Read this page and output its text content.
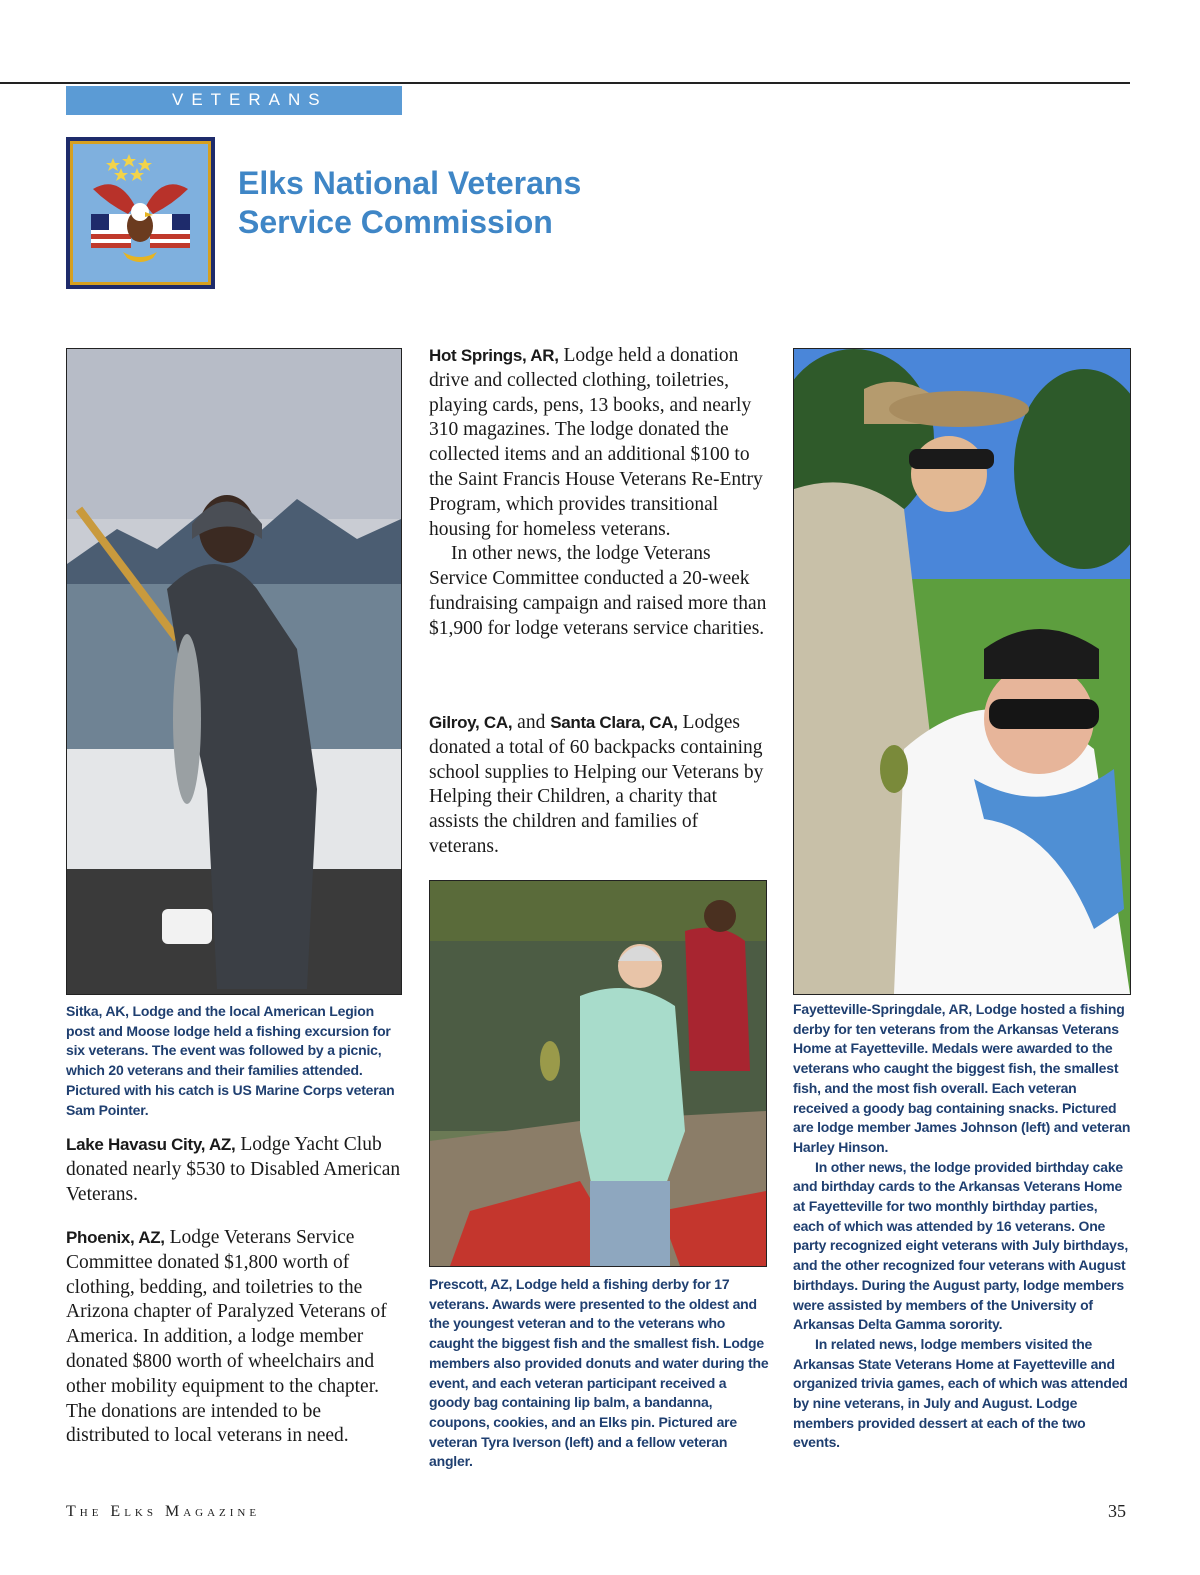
VETERANS
Elks National Veterans
Service Commission

Sitka, AK, Lodge and the local American Legion post and Moose lodge held a fishing excursion for six veterans. The event was followed by a picnic, which 20 veterans and their families attended. Pictured with his catch is US Marine Corps veteran Sam Pointer.

Lake Havasu City, AZ, Lodge Yacht Club donated nearly $530 to Disabled American Veterans.

Phoenix, AZ, Lodge Veterans Service Committee donated $1,800 worth of clothing, bedding, and toiletries to the Arizona chapter of Paralyzed Veterans of America. In addition, a lodge member donated $800 worth of wheelchairs and other mobility equipment to the chapter. The donations are intended to be distributed to local veterans in need.

Hot Springs, AR, Lodge held a donation drive and collected clothing, toiletries, playing cards, pens, 13 books, and nearly 310 magazines. The lodge donated the collected items and an additional $100 to the Saint Francis House Veterans Re-Entry Program, which provides transitional housing for homeless veterans.

In other news, the lodge Veterans Service Committee conducted a 20-week fundraising campaign and raised more than $1,900 for lodge veterans service charities.

Gilroy, CA, and Santa Clara, CA, Lodges donated a total of 60 backpacks containing school supplies to Helping our Veterans by Helping their Children, a charity that assists the children and families of veterans.

Prescott, AZ, Lodge held a fishing derby for 17 veterans. Awards were presented to the oldest and the youngest veteran and to the veterans who caught the biggest fish and the smallest fish. Lodge members also provided donuts and water during the event, and each veteran participant received a goody bag containing lip balm, a bandanna, coupons, cookies, and an Elks pin. Pictured are veteran Tyra Iverson (left) and a fellow veteran angler.

Fayetteville-Springdale, AR, Lodge hosted a fishing derby for ten veterans from the Arkansas Veterans Home at Fayetteville. Medals were awarded to the veterans who caught the biggest fish, the smallest fish, and the most fish overall. Each veteran received a goody bag containing snacks. Pictured are lodge member James Johnson (left) and veteran Harley Hinson.

In other news, the lodge provided birthday cake and birthday cards to the Arkansas Veterans Home at Fayetteville for two monthly birthday parties, each of which was attended by 16 veterans. One party recognized eight veterans with July birthdays, and the other recognized four veterans with August birthdays. During the August party, lodge members were assisted by members of the University of Arkansas Delta Gamma sorority.

In related news, lodge members visited the Arkansas State Veterans Home at Fayetteville and organized trivia games, each of which was attended by nine veterans, in July and August. Lodge members provided dessert at each of the two events.

The Elks Magazine	35
